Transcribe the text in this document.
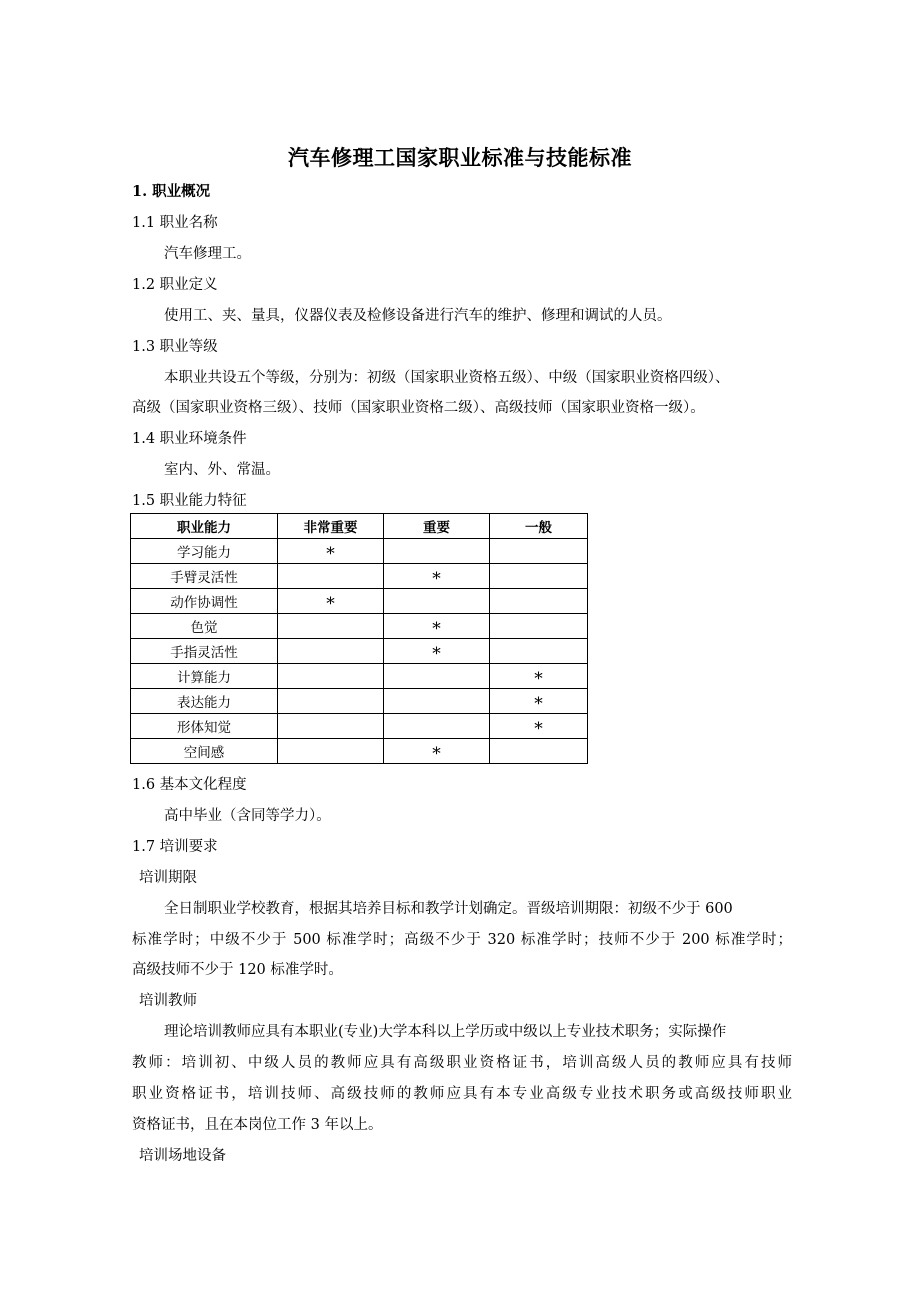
汽车修理工国家职业标准与技能标准
1. 职业概况
1.1 职业名称
汽车修理工。
1.2 职业定义
使用工、夹、量具，仪器仪表及检修设备进行汽车的维护、修理和调试的人员。
1.3 职业等级
本职业共设五个等级，分别为：初级（国家职业资格五级）、中级（国家职业资格四级）、
高级（国家职业资格三级）、技师（国家职业资格二级）、高级技师（国家职业资格一级）。
1.4 职业环境条件
室内、外、常温。
1.5 职业能力特征
职业能力	非常重要	重要	一般
学习能力	*		
手臂灵活性		*	
动作协调性	*		
色觉		*	
手指灵活性		*	
计算能力			*
表达能力			*
形体知觉			*
空间感		*	
1.6 基本文化程度
高中毕业（含同等学力）。
1.7 培训要求
培训期限
全日制职业学校教育，根据其培养目标和教学计划确定。晋级培训期限：初级不少于 600
标准学时；中级不少于 500 标准学时；高级不少于 320 标准学时；技师不少于 200 标准学时；
高级技师不少于 120 标准学时。
培训教师
理论培训教师应具有本职业(专业)大学本科以上学历或中级以上专业技术职务；实际操作
教师：培训初、中级人员的教师应具有高级职业资格证书，培训高级人员的教师应具有技师
职业资格证书，培训技师、高级技师的教师应具有本专业高级专业技术职务或高级技师职业
资格证书，且在本岗位工作 3 年以上。
培训场地设备
